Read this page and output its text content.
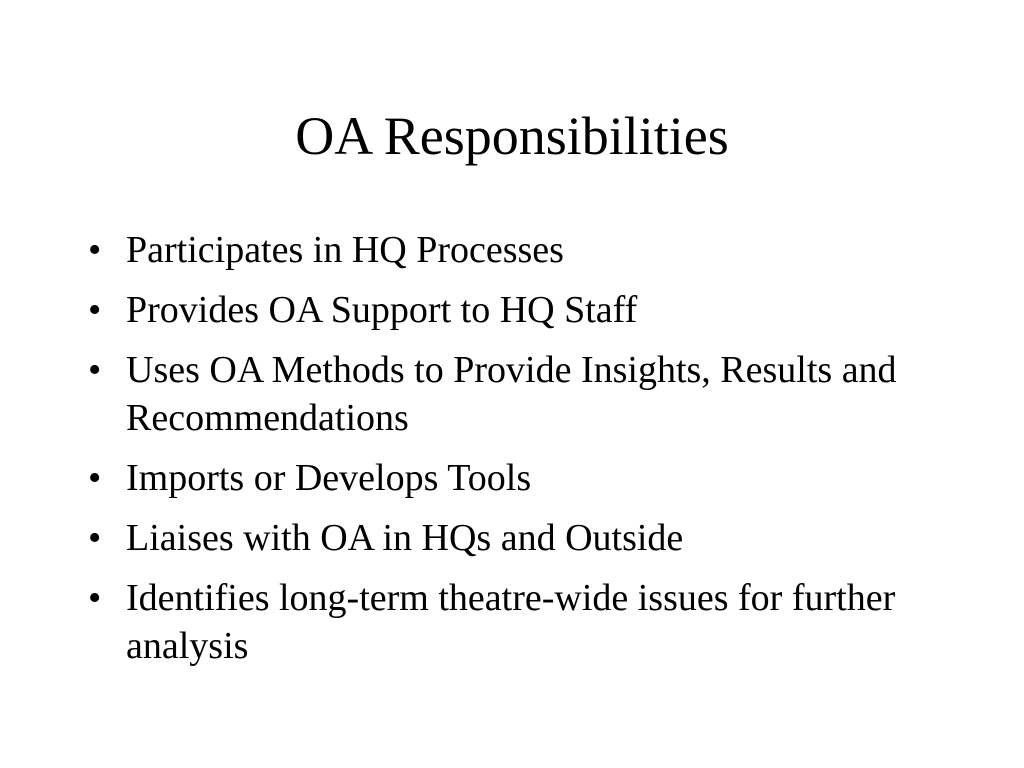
OA Responsibilities
• Participates in HQ Processes
• Provides OA Support to HQ Staff
• Uses OA Methods to Provide Insights, Results and Recommendations
• Imports or Develops Tools
• Liaises with OA in HQs and Outside
• Identifies long-term theatre-wide issues for further analysis
